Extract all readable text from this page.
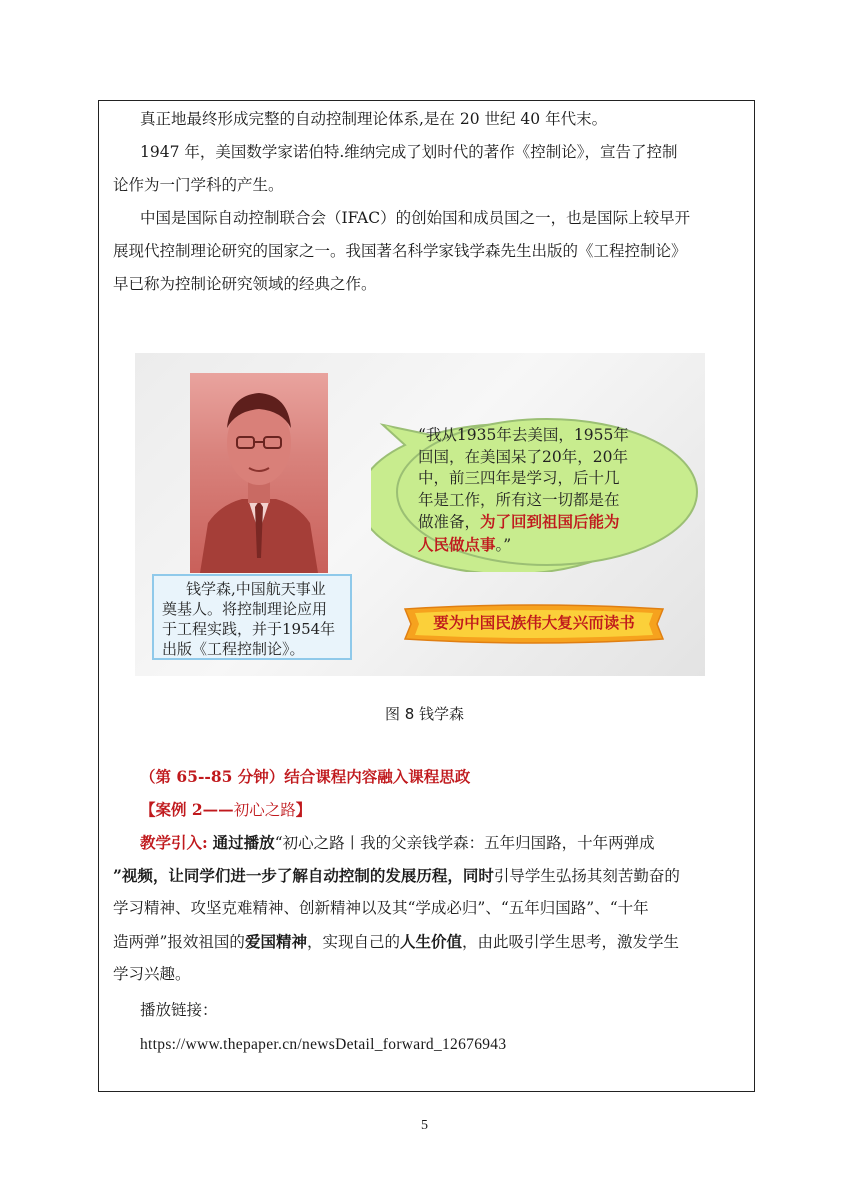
真正地最终形成完整的自动控制理论体系,是在 20 世纪 40 年代末。

1947 年，美国数学家诺伯特.维纳完成了划时代的著作《控制论》，宣告了控制

论作为一门学科的产生。

中国是国际自动控制联合会（IFAC）的创始国和成员国之一，也是国际上较早开

展现代控制理论研究的国家之一。我国著名科学家钱学森先生出版的《工程控制论》

早已称为控制论研究领域的经典之作。

钱学森,中国航天事业
奠基人。将控制理论应用
于工程实践，并于1954年
出版《工程控制论》。
“我从1935年去美国，1955年
回国，在美国呆了20年，20年
中，前三四年是学习，后十几
年是工作，所有这一切都是在
做准备，为了回到祖国后能为
人民做点事。”
要为中国民族伟大复兴而读书
图 8 钱学森

（第 65--85 分钟）结合课程内容融入课程思政

【案例 2——初心之路】

教学引入: 通过播放“初心之路丨我的父亲钱学森：五年归国路，十年两弹成

”视频，让同学们进一步了解自动控制的发展历程，同时引导学生弘扬其刻苦勤奋的

学习精神、攻坚克难精神、创新精神以及其“学成必归”、“五年归国路”、“十年

造两弹”报效祖国的爱国精神，实现自己的人生价值，由此吸引学生思考，激发学生

学习兴趣。

播放链接：

https://www.thepaper.cn/newsDetail_forward_12676943

5
